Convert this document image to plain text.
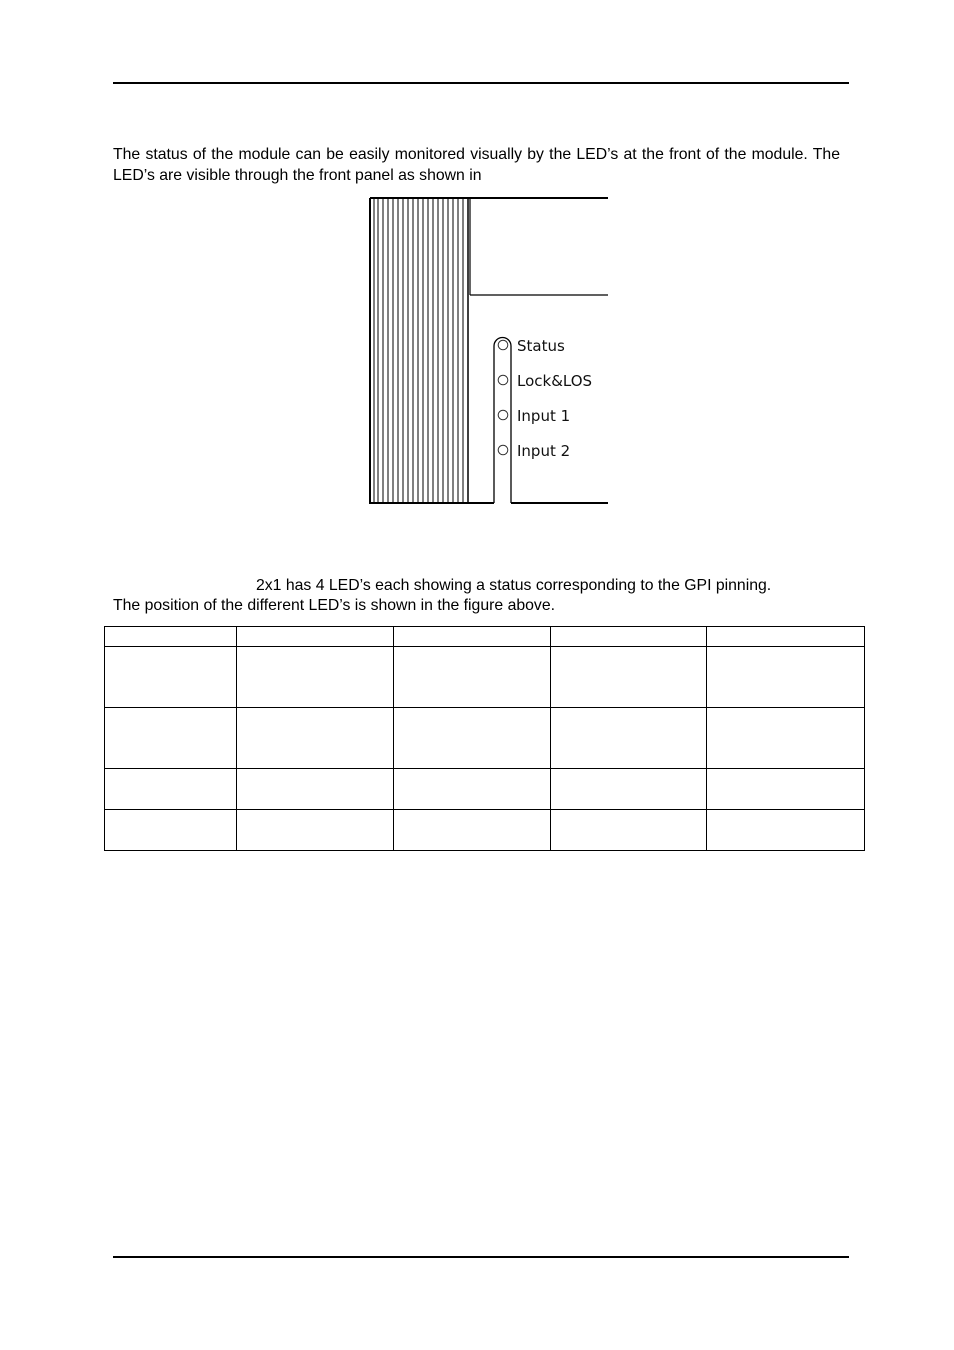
The status of the module can be easily monitored visually by the LED’s at the front of the module. The LED’s are visible through the front panel as shown in

Status
Lock&LOS
Input 1
Input 2

2x1 has 4 LED’s each showing a status corresponding to the GPI pinning.

The position of the different LED’s is shown in the figure above.
